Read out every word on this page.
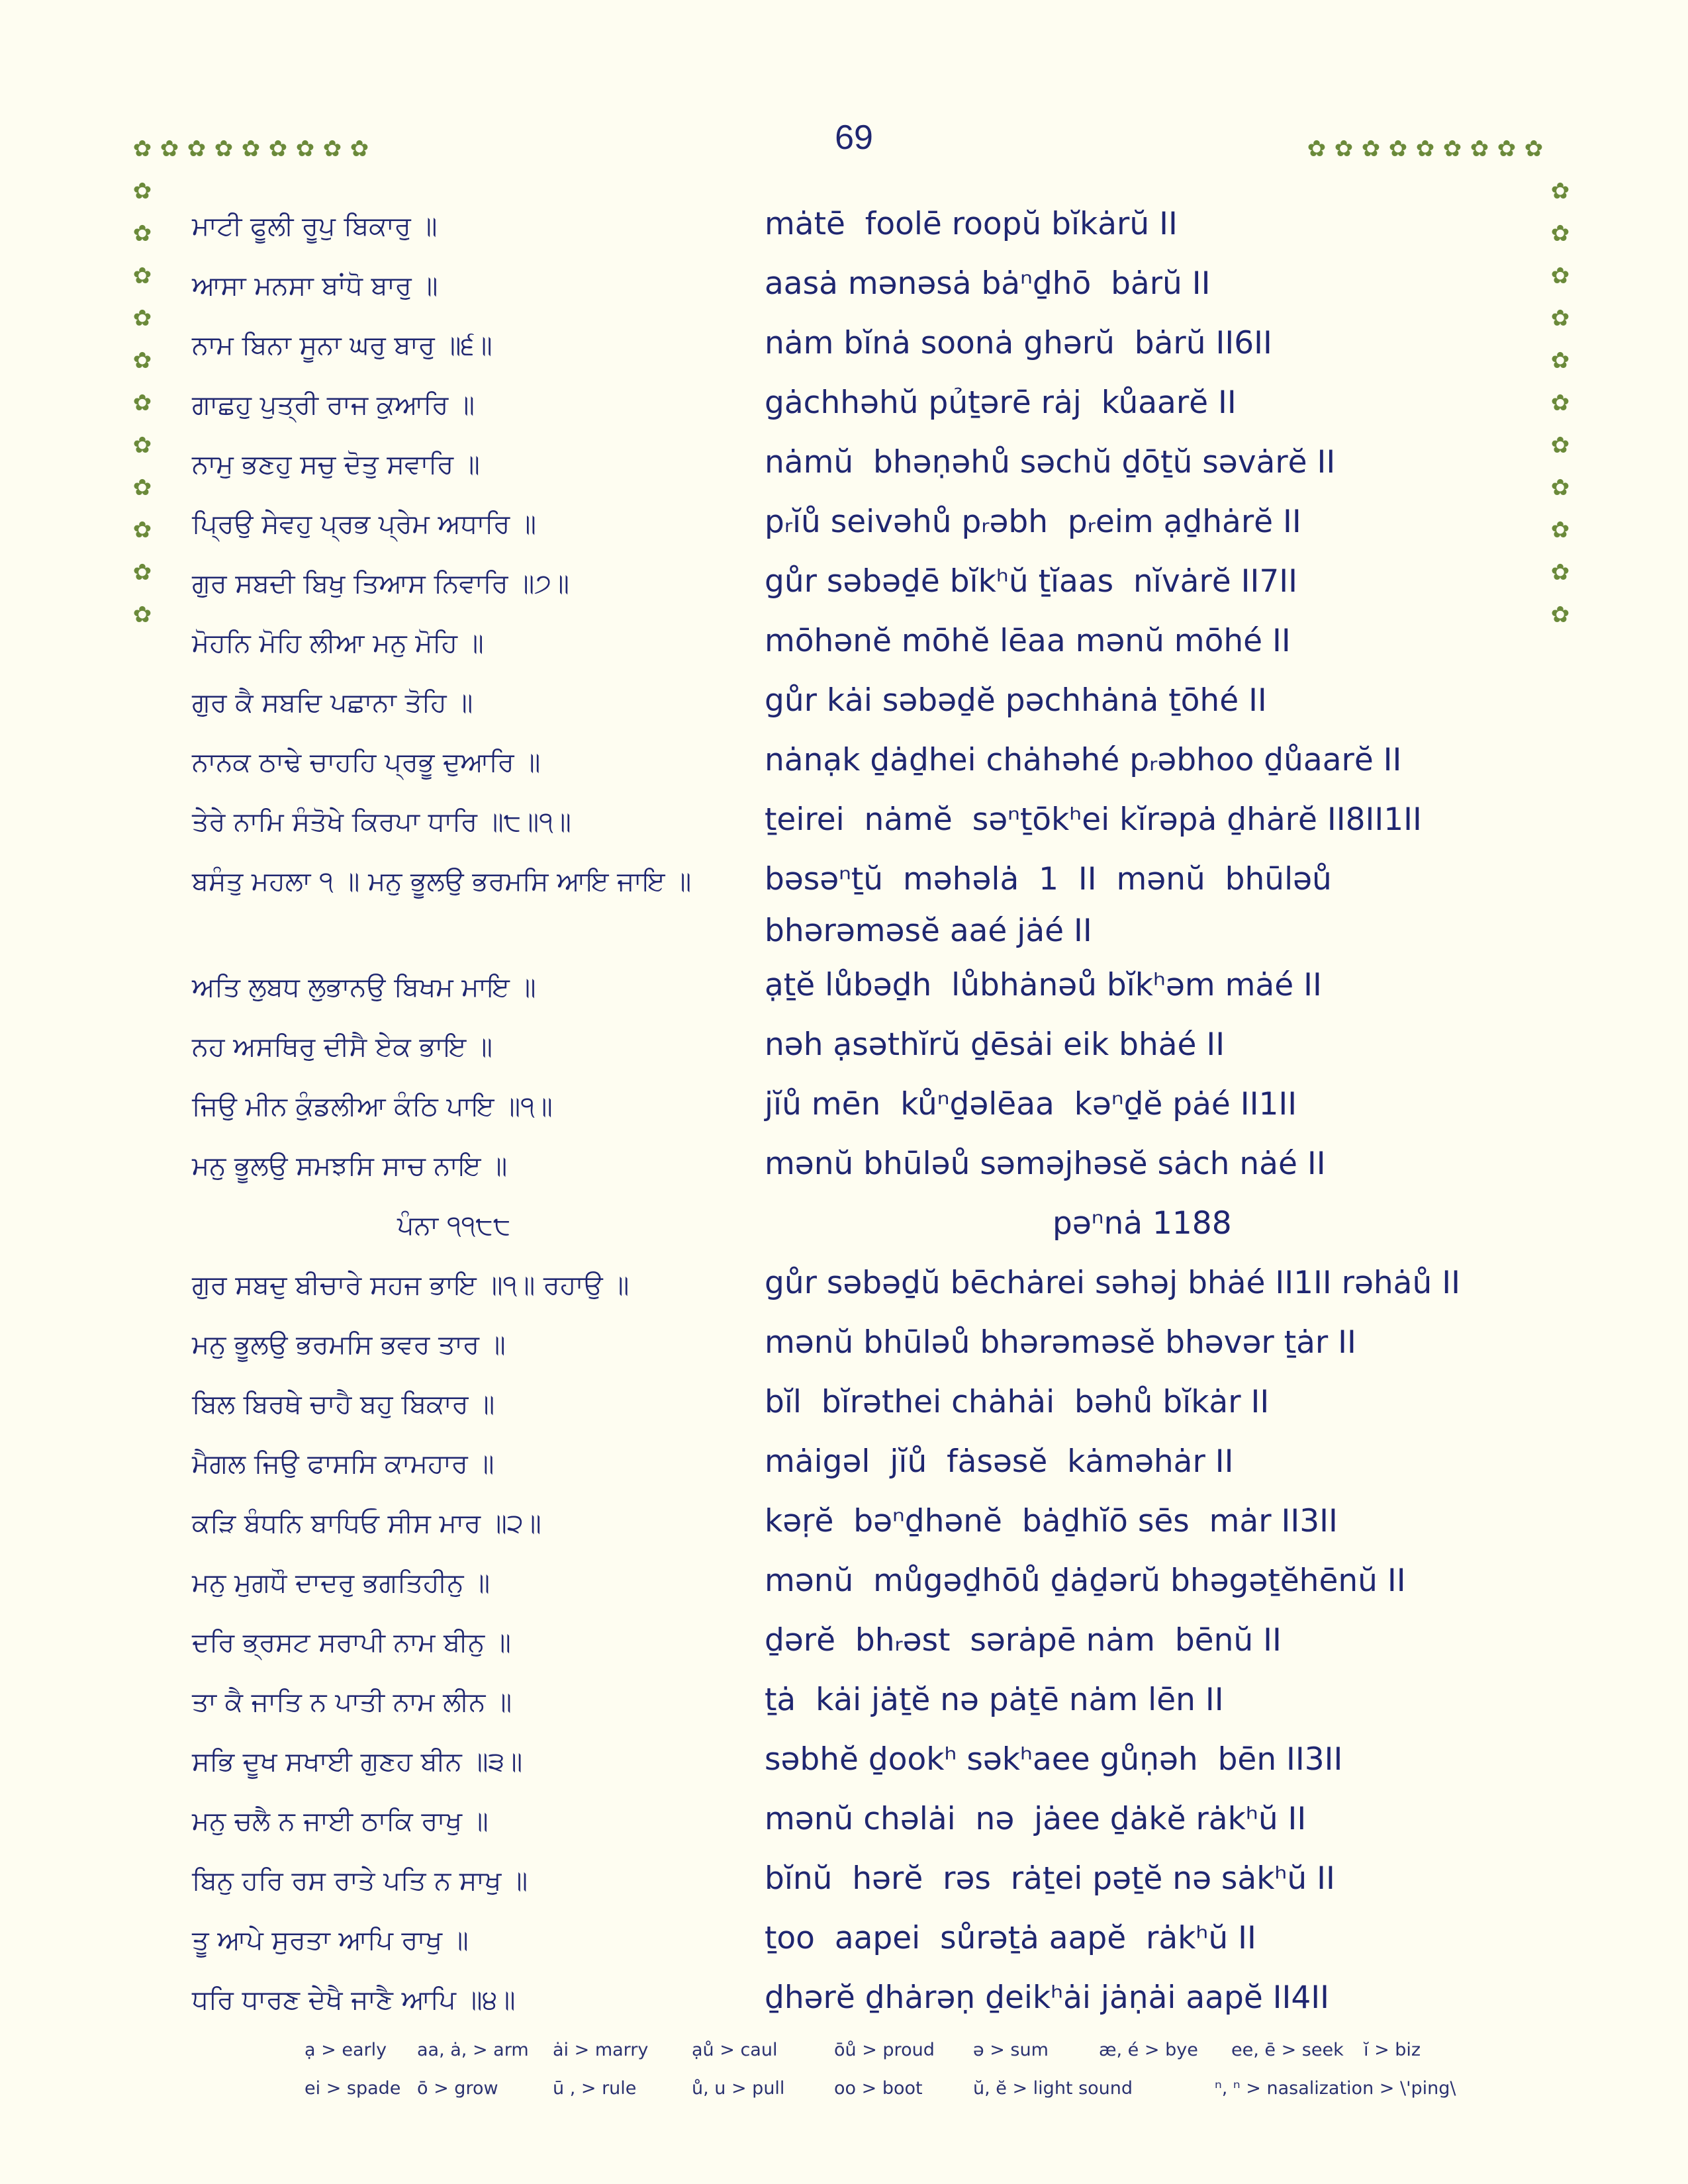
69
✿ ✿ ✿ ✿ ✿ ✿ ✿ ✿ ✿	✿ ✿ ✿ ✿ ✿ ✿ ✿ ✿ ✿
✿
✿
✿
✿
✿
✿
✿
✿
✿
✿
✿
✿
✿
✿
✿
✿
✿
✿
✿
✿
✿
✿
ਮਾਟੀ ਫੂਲੀ ਰੂਪੁ ਬਿਕਾਰੁ ॥	mȧtē  foolē roopŭ bĭkȧrŭ II
ਆਸਾ ਮਨਸਾ ਬਾਂਧੋ ਬਾਰੁ ॥	aasȧ mənəsȧ bȧⁿḏhō  bȧrŭ II
ਨਾਮ ਬਿਨਾ ਸੂਨਾ ਘਰੁ ਬਾਰੁ ॥੬॥	nȧm bĭnȧ soonȧ ghərŭ  bȧrŭ II6II
ਗਾਛਹੁ ਪੁਤ੍ਰੀ ਰਾਜ ਕੁਆਰਿ ॥	gȧchhəhŭ pủṯərē rȧj  kůaarĕ II
ਨਾਮੁ ਭਣਹੁ ਸਚੁ ਦੋਤੁ ਸਵਾਰਿ ॥	nȧmŭ  bhəṇəhů səchŭ ḏōṯŭ səvȧrĕ II
ਪ੍ਰਿਉ ਸੇਵਹੁ ਪ੍ਰਭ ਪ੍ਰੇਮ ਅਧਾਰਿ ॥	pᵣĭů seivəhů pᵣəbh  pᵣeim ạḏhȧrĕ II
ਗੁਰ ਸਬਦੀ ਬਿਖੁ ਤਿਆਸ ਨਿਵਾਰਿ ॥੭॥	gůr səbəḏē bĭkʰŭ ṯĭaas  nĭvȧrĕ II7II
ਮੋਹਨਿ ਮੋਹਿ ਲੀਆ ਮਨੁ ਮੋਹਿ ॥	mōhənĕ mōhĕ lēaa mənŭ mōhé II
ਗੁਰ ਕੈ ਸਬਦਿ ਪਛਾਨਾ ਤੋਹਿ ॥	gůr kȧi səbəḏĕ pəchhȧnȧ ṯōhé II
ਨਾਨਕ ਠਾਢੇ ਚਾਹਹਿ ਪ੍ਰਭੂ ਦੁਆਰਿ ॥	nȧnạk ḏȧḏhei chȧhəhé pᵣəbhoo ḏůaarĕ II
ਤੇਰੇ ਨਾਮਿ ਸੰਤੋਖੇ ਕਿਰਪਾ ਧਾਰਿ ॥੮॥੧॥	ṯeirei  nȧmĕ  səⁿṯōkʰei kĭrəpȧ ḏhȧrĕ II8II1II
ਬਸੰਤੁ ਮਹਲਾ ੧ ॥ ਮਨੁ ਭੂਲਉ ਭਰਮਸਿ ਆਇ ਜਾਇ ॥	bəsəⁿṯŭ  məhəlȧ  1  II  mənŭ  bhūləů  bhərəməsĕ aaé jȧé II
ਅਤਿ ਲੁਬਧ ਲੁਭਾਨਉ ਬਿਖਮ ਮਾਇ ॥	ạṯĕ lůbəḏh  lůbhȧnəů bĭkʰəm mȧé II
ਨਹ ਅਸਥਿਰੁ ਦੀਸੈ ਏਕ ਭਾਇ ॥	nəh ạsəthĭrŭ ḏēsȧi eik bhȧé II
ਜਿਉ ਮੀਨ ਕੁੰਡਲੀਆ ਕੰਠਿ ਪਾਇ ॥੧॥	jĭů mēn  kůⁿḏəlēaa  kəⁿḏĕ pȧé II1II
ਮਨੁ ਭੂਲਉ ਸਮਝਸਿ ਸਾਚ ਨਾਇ ॥	mənŭ bhūləů səməjhəsĕ sȧch nȧé II
ਪੰਨਾ ੧੧੮੮	pəⁿnȧ 1188
ਗੁਰ ਸਬਦੁ ਬੀਚਾਰੇ ਸਹਜ ਭਾਇ ॥੧॥ ਰਹਾਉ ॥	gůr səbəḏŭ bēchȧrei səhəj bhȧé II1II rəhȧů II
ਮਨੁ ਭੂਲਉ ਭਰਮਸਿ ਭਵਰ ਤਾਰ ॥	mənŭ bhūləů bhərəməsĕ bhəvər ṯȧr II
ਬਿਲ ਬਿਰਥੇ ਚਾਹੈ ਬਹੁ ਬਿਕਾਰ ॥	bĭl  bĭrəthei chȧhȧi  bəhů bĭkȧr II
ਮੈਗਲ ਜਿਉ ਫਾਸਸਿ ਕਾਮਹਾਰ ॥	mȧigəl  jĭů  fȧsəsĕ  kȧməhȧr II
ਕੜਿ ਬੰਧਨਿ ਬਾਧਿਓ ਸੀਸ ਮਾਰ ॥੨॥	kəṛĕ  bəⁿḏhənĕ  bȧḏhĭō sēs  mȧr II3II
ਮਨੁ ਮੁਗਧੌ ਦਾਦਰੁ ਭਗਤਿਹੀਨੁ ॥	mənŭ  můgəḏhōů ḏȧḏərŭ bhəgəṯĕhēnŭ II
ਦਰਿ ਭ੍ਰਸਟ ਸਰਾਪੀ ਨਾਮ ਬੀਨੁ ॥	ḏərĕ  bhᵣəst  sərȧpē nȧm  bēnŭ II
ਤਾ ਕੈ ਜਾਤਿ ਨ ਪਾਤੀ ਨਾਮ ਲੀਨ ॥	ṯȧ  kȧi jȧṯĕ nə pȧṯē nȧm lēn II
ਸਭਿ ਦੂਖ ਸਖਾਈ ਗੁਣਹ ਬੀਨ ॥੩॥	səbhĕ ḏookʰ səkʰaee gůṇəh  bēn II3II
ਮਨੁ ਚਲੈ ਨ ਜਾਈ ਠਾਕਿ ਰਾਖੁ ॥	mənŭ chəlȧi  nə  jȧee ḏȧkĕ rȧkʰŭ II
ਬਿਨੁ ਹਰਿ ਰਸ ਰਾਤੇ ਪਤਿ ਨ ਸਾਖੁ ॥	bĭnŭ  hərĕ  rəs  rȧṯei pəṯĕ nə sȧkʰŭ II
ਤੂ ਆਪੇ ਸੁਰਤਾ ਆਪਿ ਰਾਖੁ ॥	ṯoo  aapei  sůrəṯȧ aapĕ  rȧkʰŭ II
ਧਰਿ ਧਾਰਣ ਦੇਖੈ ਜਾਣੈ ਆਪਿ ॥੪॥	ḏhərĕ ḏhȧrəṇ ḏeikʰȧi jȧṇȧi aapĕ II4II
ạ > early aa, ȧ, > arm ȧi > marry ạů > caul	ōů > proud ə > sum	æ, é > bye ee, ē > seek ĭ > biz
ei > spade ō > grow	ū , > rule	ů, u > pull	oo > boot	ŭ, ĕ > light sound	ⁿ, ⁿ > nasalization > \'ping\
